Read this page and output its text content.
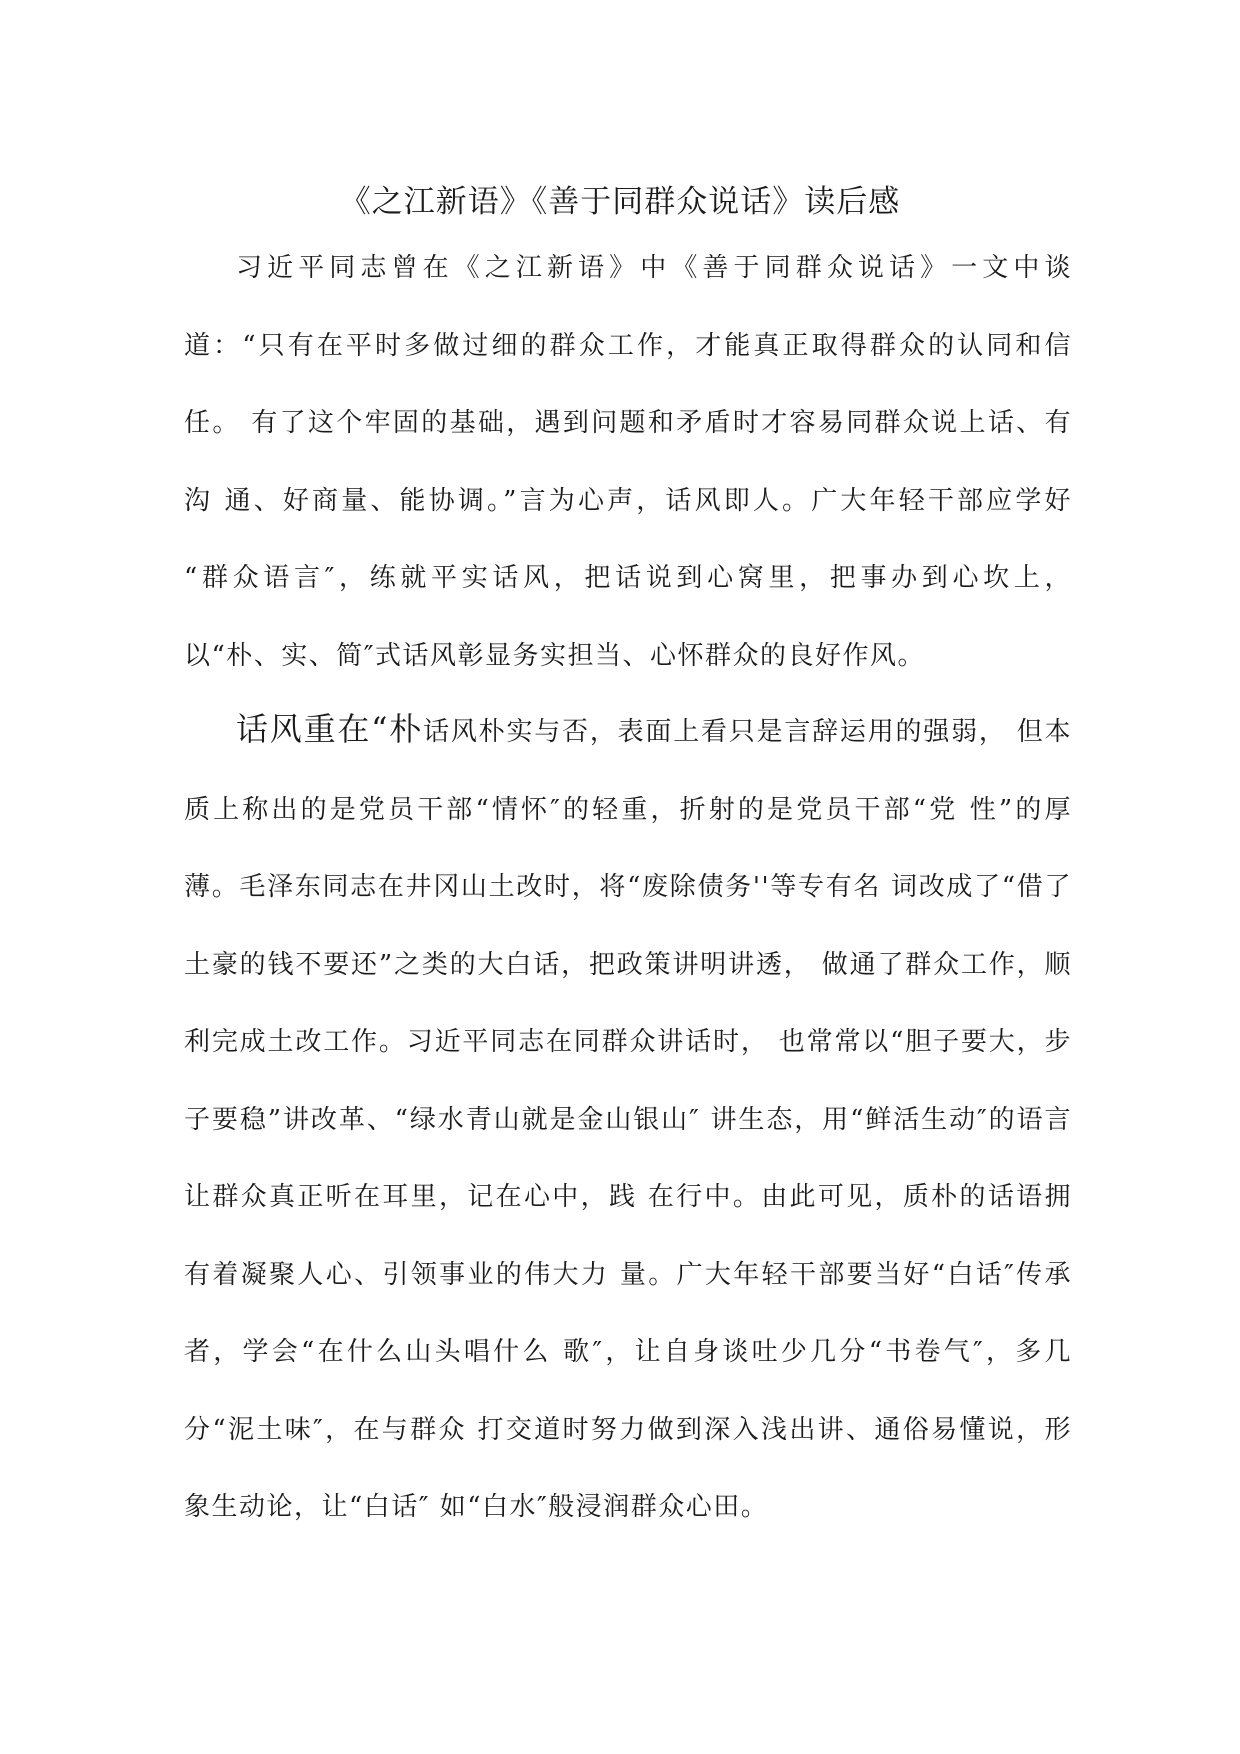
《之江新语》《善于同群众说话》读后感

习近平同志曾在《之江新语》中《善于同群众说话》一文中谈道：“只有在平时多做过细的群众工作，才能真正取得群众的认同和信任。 有了这个牢固的基础，遇到问题和矛盾时才容易同群众说上话、有沟 通、好商量、能协调。”言为心声，话风即人。广大年轻干部应学好 “群众语言″，练就平实话风，把话说到心窝里，把事办到心坎上， 以“朴、实、简″式话风彰显务实担当、心怀群众的良好作风。

话风重在“朴话风朴实与否，表面上看只是言辞运用的强弱， 但本质上称出的是党员干部“情怀″的轻重，折射的是党员干部“党 性”的厚薄。毛泽东同志在井冈山土改时，将“废除债务''等专有名 词改成了“借了土豪的钱不要还”之类的大白话，把政策讲明讲透， 做通了群众工作，顺利完成土改工作。习近平同志在同群众讲话时， 也常常以“胆子要大，步子要稳”讲改革、“绿水青山就是金山银山″ 讲生态，用“鲜活生动″的语言让群众真正听在耳里，记在心中，践 在行中。由此可见，质朴的话语拥有着凝聚人心、引领事业的伟大力 量。广大年轻干部要当好“白话″传承者，学会“在什么山头唱什么 歌″，让自身谈吐少几分“书卷气″，多几分“泥土味″，在与群众 打交道时努力做到深入浅出讲、通俗易懂说，形象生动论，让“白话″ 如“白水″般浸润群众心田。
